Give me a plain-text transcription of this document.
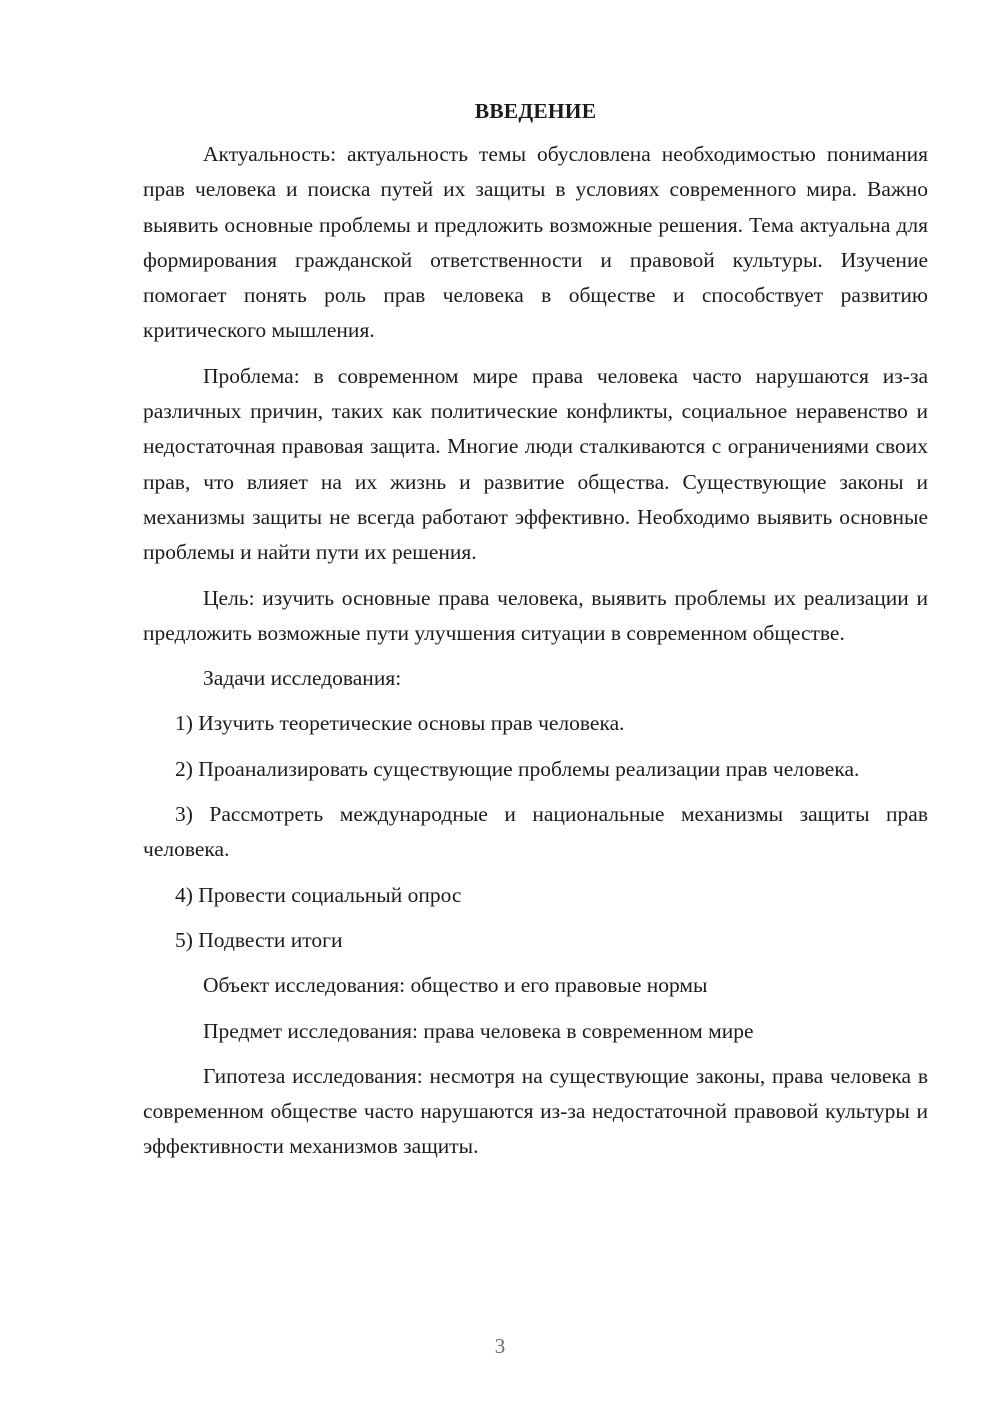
ВВЕДЕНИЕ

Актуальность: актуальность темы обусловлена необходимостью понимания прав человека и поиска путей их защиты в условиях современного мира. Важно выявить основные проблемы и предложить возможные решения. Тема актуальна для формирования гражданской ответственности и правовой культуры. Изучение помогает понять роль прав человека в обществе и способствует развитию критического мышления.

Проблема: в современном мире права человека часто нарушаются из-за различных причин, таких как политические конфликты, социальное неравенство и недостаточная правовая защита. Многие люди сталкиваются с ограничениями своих прав, что влияет на их жизнь и развитие общества. Существующие законы и механизмы защиты не всегда работают эффективно. Необходимо выявить основные проблемы и найти пути их решения.

Цель: изучить основные права человека, выявить проблемы их реализации и предложить возможные пути улучшения ситуации в современном обществе.

Задачи исследования:

1) Изучить теоретические основы прав человека.

2) Проанализировать существующие проблемы реализации прав человека.

3) Рассмотреть международные и национальные механизмы защиты прав человека.

4) Провести социальный опрос

5) Подвести итоги

Объект исследования: общество и его правовые нормы

Предмет исследования: права человека в современном мире

Гипотеза исследования: несмотря на существующие законы, права человека в современном обществе часто нарушаются из-за недостаточной правовой культуры и эффективности механизмов защиты.

3
